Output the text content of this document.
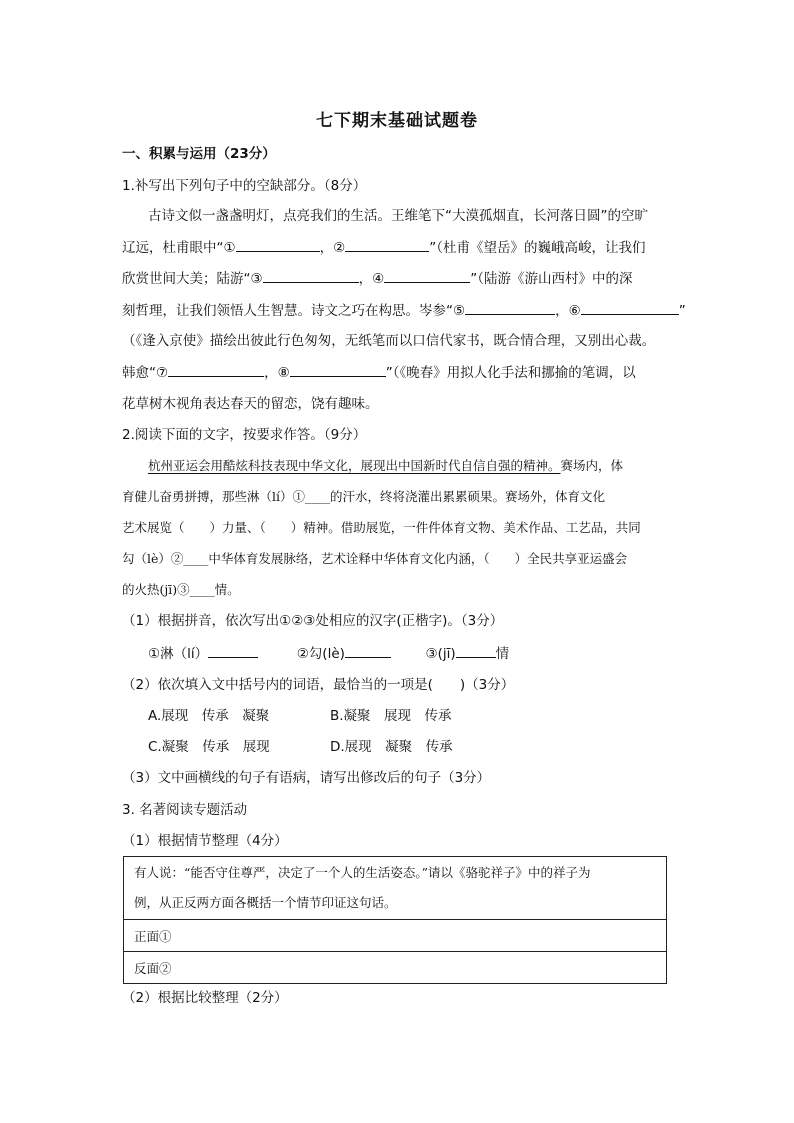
七下期末基础试题卷
一、积累与运用（23分）
1.补写出下列句子中的空缺部分。（8分）
古诗文似一盏盏明灯，点亮我们的生活。王维笔下“大漠孤烟直，长河落日圆”的空旷
辽远，杜甫眼中“①	，②	”（杜甫《望岳》的巍峨高峻，让我们
欣赏世间大美；陆游“③	，④	”（陆游《游山西村》中的深
刻哲理，让我们领悟人生智慧。诗文之巧在构思。岑参“⑤	，⑥	”
（《逢入京使》描绘出彼此行色匆匆，无纸笔而以口信代家书，既合情合理，又别出心裁。
韩愈“⑦	，⑧	”（《晚春》用拟人化手法和挪揄的笔调，以
花草树木视角表达春天的留恋，饶有趣味。
2.阅读下面的文字，按要求作答。（9分）
杭州亚运会用酷炫科技表现中华文化，展现出中国新时代自信自强的精神。赛场内，体
育健儿奋勇拼搏，那些淋（lí）①____的汗水，终将浇灌出累累硕果。赛场外，体育文化
艺术展览（　　）力量、（　　）精神。借助展览，一件件体育文物、美术作品、工艺品，共同
勾（lè）②____中华体育发展脉络，艺术诠释中华体育文化内涵，（　　）全民共享亚运盛会
的火热(jī)③____情。
（1）根据拼音，依次写出①②③处相应的汉字(正楷字)。（3分）
①淋（lí）	②勾(lè)	③(jī)	情
（2）依次填入文中括号内的词语，最恰当的一项是(　　)（3分）
A.展现　传承　凝聚	B.凝聚　展现　传承
C.凝聚　传承　展现	D.展现　凝聚　传承
（3）文中画横线的句子有语病，请写出修改后的句子（3分）
3. 名著阅读专题活动
（1）根据情节整理（4分）
有人说：“能否守住尊严，决定了一个人的生活姿态。”请以《骆驼祥子》中的祥子为
例，从正反两方面各概括一个情节印证这句话。

正面①
反面②
（2）根据比较整理（2分）
